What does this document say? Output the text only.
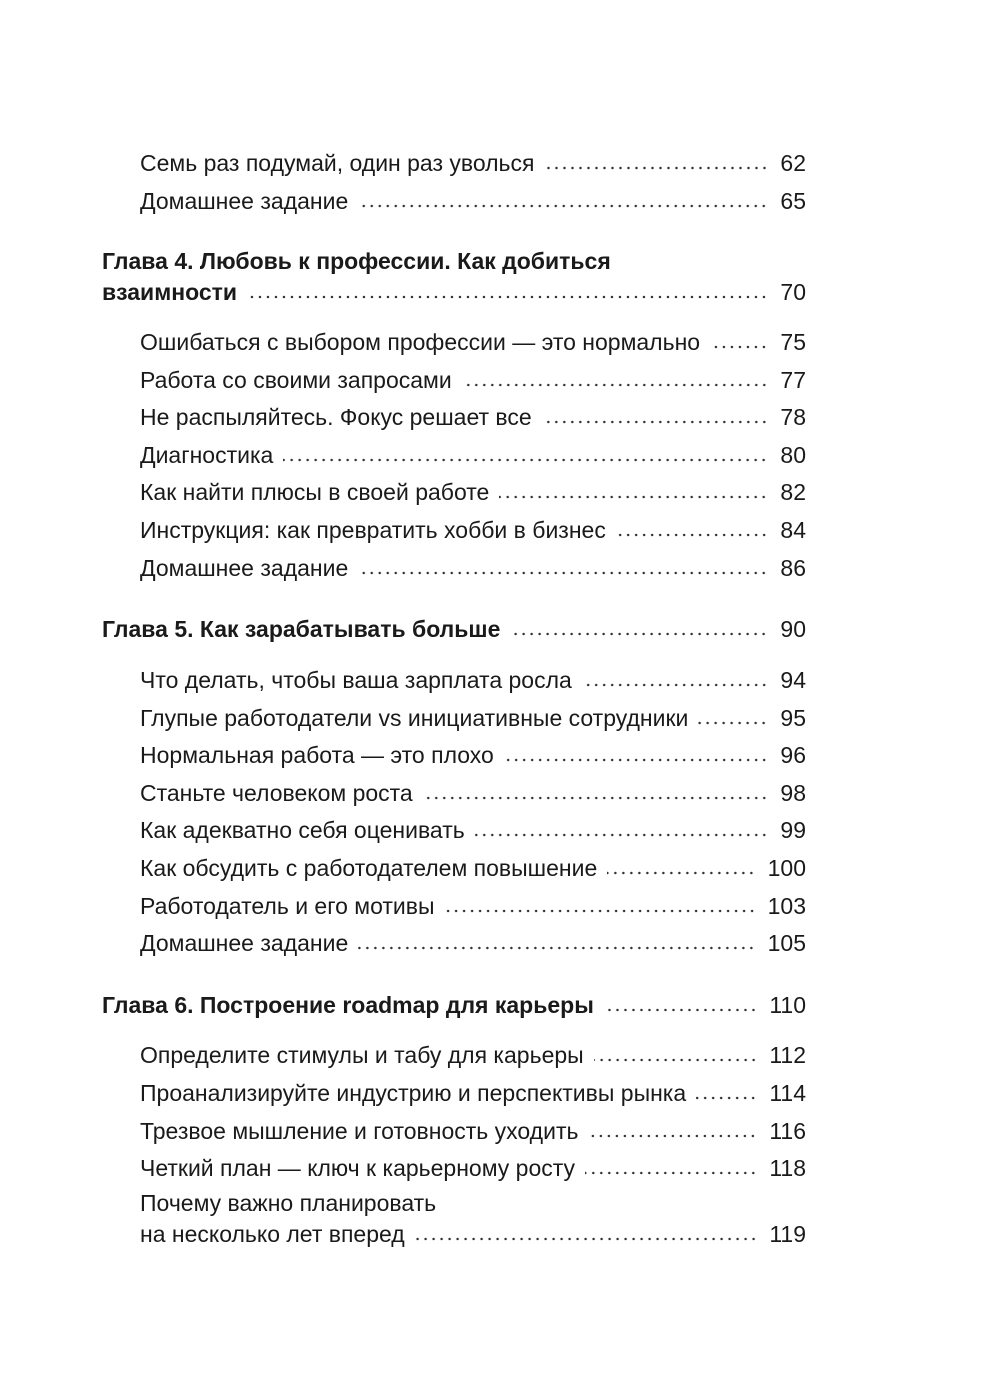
Семь раз подумай, один раз уволься	62
Домашнее задание	65
Глава 4. Любовь к профессии. Как добиться
взаимности	70
Ошибаться с выбором профессии — это нормально	75
Работа со своими запросами	77
Не распыляйтесь. Фокус решает все	78
Диагностика	80
Как найти плюсы в своей работе	82
Инструкция: как превратить хобби в бизнес	84
Домашнее задание	86
Глава 5. Как зарабатывать больше	90
Что делать, чтобы ваша зарплата росла	94
Глупые работодатели vs инициативные сотрудники	95
Нормальная работа — это плохо	96
Станьте человеком роста	98
Как адекватно себя оценивать	99
Как обсудить с работодателем повышение	100
Работодатель и его мотивы	103
Домашнее задание	105
Глава 6. Построение roadmap для карьеры	110
Определите стимулы и табу для карьеры	112
Проанализируйте индустрию и перспективы рынка	114
Трезвое мышление и готовность уходить	116
Четкий план — ключ к карьерному росту	118
Почему важно планировать
на несколько лет вперед	119
